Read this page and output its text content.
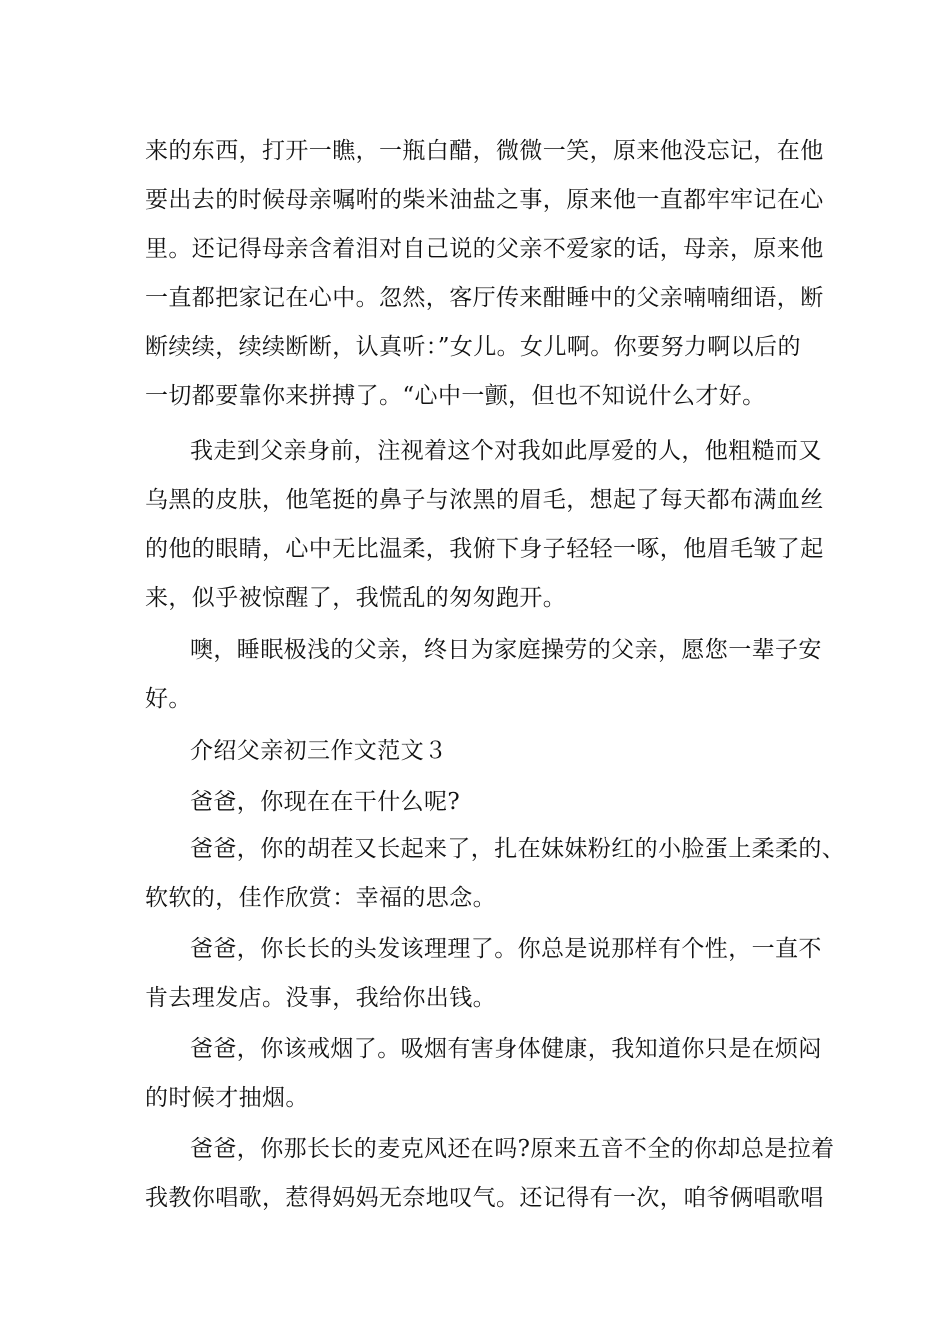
来的东西，打开一瞧，一瓶白醋，微微一笑，原来他没忘记，在他
要出去的时候母亲嘱咐的柴米油盐之事，原来他一直都牢牢记在心
里。还记得母亲含着泪对自己说的父亲不爱家的话，母亲，原来他
一直都把家记在心中。忽然，客厅传来酣睡中的父亲喃喃细语，断
断续续，续续断断，认真听：”女儿。女儿啊。你要努力啊以后的
一切都要靠你来拼搏了。“心中一颤，但也不知说什么才好。
我走到父亲身前，注视着这个对我如此厚爱的人，他粗糙而又
乌黑的皮肤，他笔挺的鼻子与浓黑的眉毛，想起了每天都布满血丝
的他的眼睛，心中无比温柔，我俯下身子轻轻一啄，他眉毛皱了起
来，似乎被惊醒了，我慌乱的匆匆跑开。
噢，睡眠极浅的父亲，终日为家庭操劳的父亲，愿您一辈子安
好。
介绍父亲初三作文范文３
爸爸，你现在在干什么呢?
爸爸，你的胡茬又长起来了，扎在妹妹粉红的小脸蛋上柔柔的、
软软的，佳作欣赏：幸福的思念。
爸爸，你长长的头发该理理了。你总是说那样有个性，一直不
肯去理发店。没事，我给你出钱。
爸爸，你该戒烟了。吸烟有害身体健康，我知道你只是在烦闷
的时候才抽烟。
爸爸，你那长长的麦克风还在吗?原来五音不全的你却总是拉着
我教你唱歌，惹得妈妈无奈地叹气。还记得有一次，咱爷俩唱歌唱
